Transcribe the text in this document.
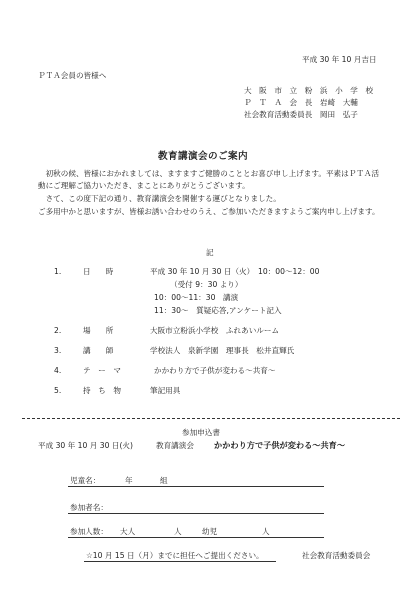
平成 30 年 10 月吉日
ＰＴＡ会員の皆様へ
大　阪　市　立　粉　浜　小　学　校
Ｐ　Ｔ　Ａ　会　長　岩崎　大輔
社会教育活動委員長　岡田　弘子
教育講演会のご案内
　初秋の候、皆様におかれましては、ますますご健勝のこととお喜び申し上げます。平素はＰＴＡ活動にご理解ご協力いただき、まことにありがとうございます。
　さて、この度下記の通り、教育講演会を開催する運びとなりました。
ご多用中かと思いますが、皆様お誘い合わせのうえ、ご参加いただきますようご案内申し上げます。
記
1.	日　　時	平成 30 年 10 月 30 日（火）　10：00～12：00
（受付 9：30 より）
10：00～11：30　講演
11：30～　質疑応答,アンケート記入
2.	場　　所	大阪市立粉浜小学校　ふれあいルーム
3.	講　　師	学校法人　泉新学園　理事長　松井直輝氏
4.	テ　ー　マ	かかわり方で子供が変わる～共育～
5.	持　ち　物	筆記用具
参加申込書
平成 30 年 10 月 30 日(火)	教育講演会 かかわり方で子供が変わる～共育～
児童名：	年	組
参加者名：
参加人数： 大人	人	幼児	人
☆10 月 15 日（月）までに担任へご提出ください。	社会教育活動委員会
